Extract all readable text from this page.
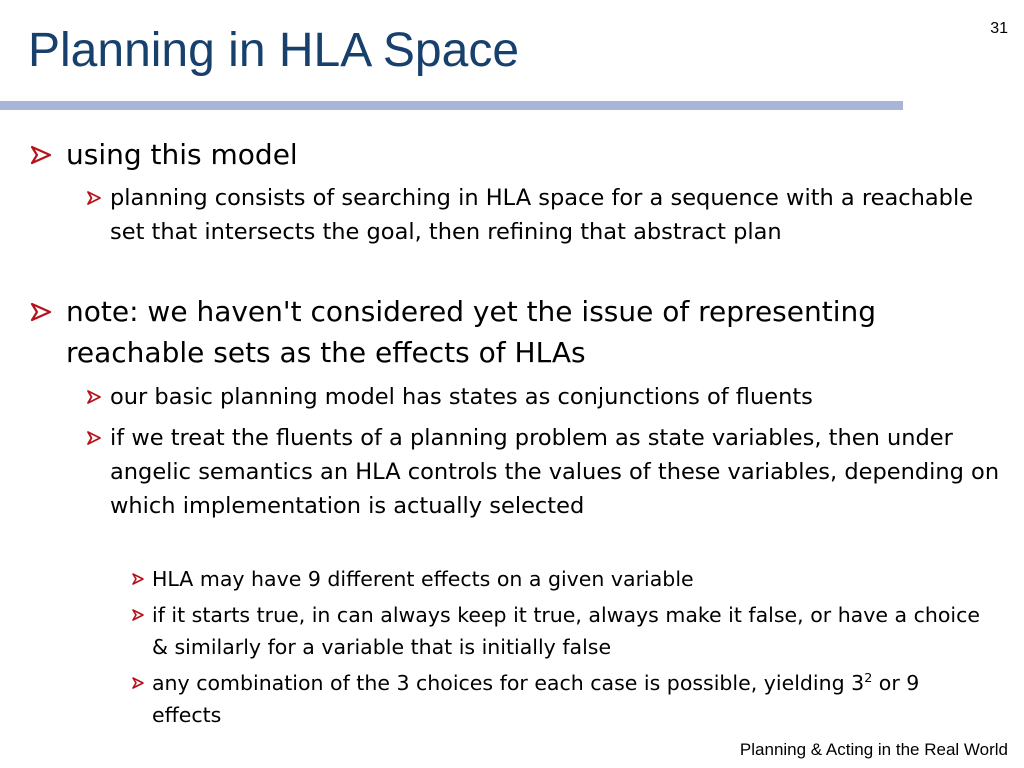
Planning in HLA Space	31
using this model
planning consists of searching in HLA space for a sequence with a reachable set that intersects the goal, then refining that abstract plan
note: we haven't considered yet the issue of representing reachable sets as the effects of HLAs
our basic planning model has states as conjunctions of fluents
if we treat the fluents of a planning problem as state variables, then under angelic semantics an HLA controls the values of these variables, depending on which implementation is actually selected
HLA may have 9 different effects on a given variable
if it starts true, in can always keep it true, always make it false, or have a choice & similarly for a variable that is initially false
any combination of the 3 choices for each case is possible, yielding $3^2$ or 9 effects
Planning & Acting in the Real World
